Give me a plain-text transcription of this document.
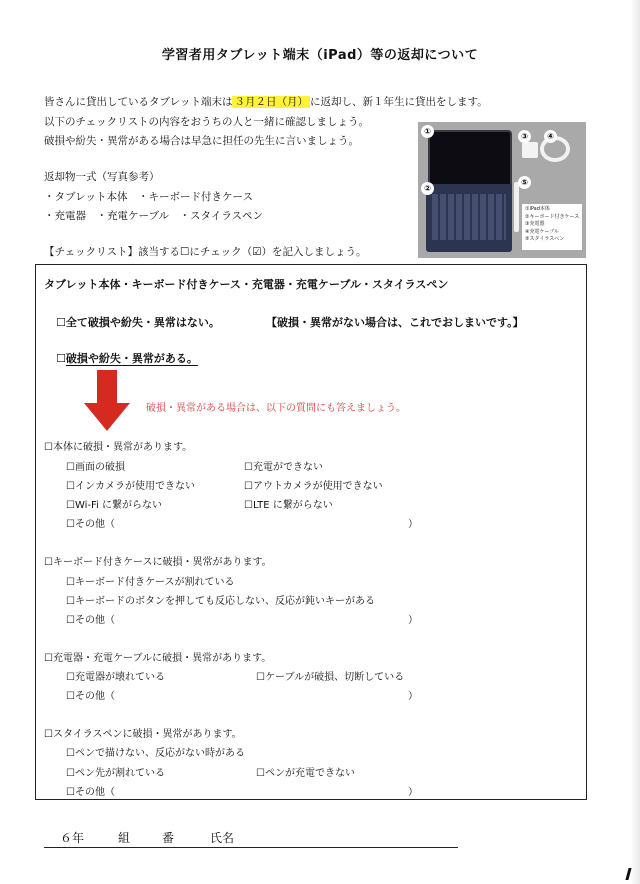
学習者用タブレット端末（iPad）等の返却について
皆さんに貸出しているタブレット端末は ３月２日（月） に返却し、新１年生に貸出をします。
以下のチェックリストの内容をおうちの人と一緒に確認しましょう。
破損や紛失・異常がある場合は早急に担任の先生に言いましょう。
返却物一式（写真参考）
・タブレット本体　・キーボード付きケース
・充電器　・充電ケーブル　・スタイラスペン
①
②
③	④
⑤
①iPad本体
②キーボード付きケース
③充電器
④充電ケーブル
⑤スタイラスペン
【チェックリスト】該当する☐にチェック（☑）を記入しましょう。
タブレット本体・キーボード付きケース・充電器・充電ケーブル・スタイラスペン
☐全て破損や紛失・異常はない。	【破損・異常がない場合は、これでおしまいです。】
☐破損や紛失・異常がある。
破損・異常がある場合は、以下の質問にも答えましょう。
☐本体に破損・異常があります。
☐画面の破損	☐充電ができない
☐インカメラが使用できない	☐アウトカメラが使用できない
☐Wi-Fi に繋がらない	☐LTE に繋がらない
☐その他（	）
☐キーボード付きケースに破損・異常があります。
☐キーボード付きケースが割れている
☐キーボードのボタンを押しても反応しない、反応が鈍いキーがある
☐その他（	）
☐充電器・充電ケーブルに破損・異常があります。
☐充電器が壊れている	☐ケーブルが破損、切断している
☐その他（	）
☐スタイラスペンに破損・異常があります。
☐ペンで描けない、反応がない時がある
☐ペン先が割れている	☐ペンが充電できない
☐その他（	）
６年	組	番	氏名
